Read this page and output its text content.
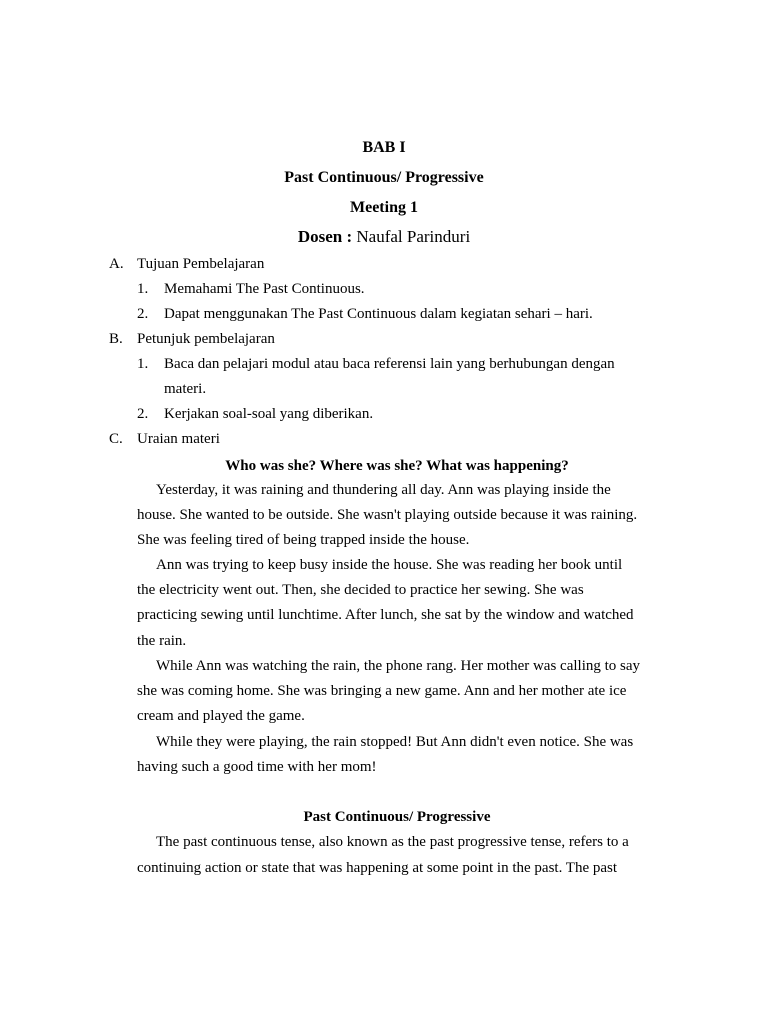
BAB I
Past Continuous/ Progressive
Meeting 1
Dosen : Naufal Parinduri
A. Tujuan Pembelajaran
1. Memahami The Past Continuous.
2. Dapat menggunakan The Past Continuous dalam kegiatan sehari – hari.
B. Petunjuk pembelajaran
1. Baca dan pelajari modul atau baca referensi lain yang berhubungan dengan
materi.
2. Kerjakan soal-soal yang diberikan.
C. Uraian materi
Who was she? Where was she? What was happening?
Yesterday, it was raining and thundering all day. Ann was playing inside the
house. She wanted to be outside. She wasn't playing outside because it was raining.
She was feeling tired of being trapped inside the house.
Ann was trying to keep busy inside the house. She was reading her book until
the electricity went out. Then, she decided to practice her sewing. She was
practicing sewing until lunchtime. After lunch, she sat by the window and watched
the rain.
While Ann was watching the rain, the phone rang. Her mother was calling to say
she was coming home. She was bringing a new game. Ann and her mother ate ice
cream and played the game.
While they were playing, the rain stopped! But Ann didn't even notice. She was
having such a good time with her mom!
Past Continuous/ Progressive
The past continuous tense, also known as the past progressive tense, refers to a
continuing action or state that was happening at some point in the past. The past
